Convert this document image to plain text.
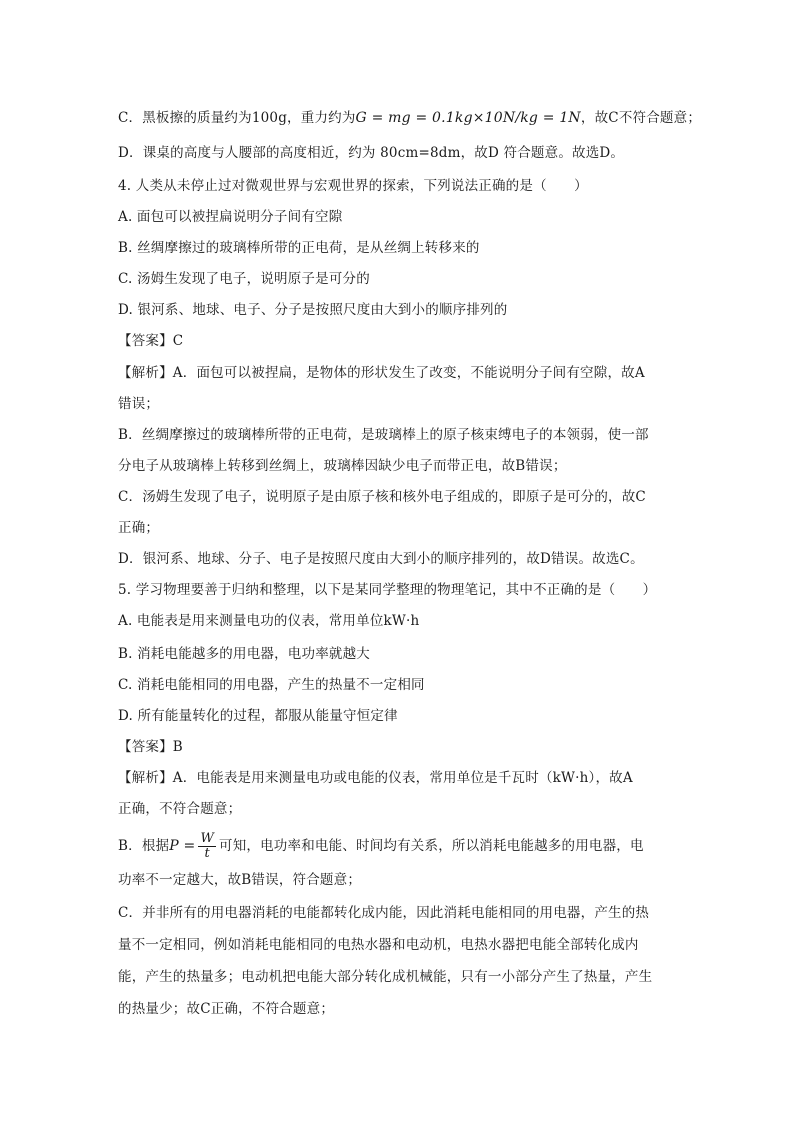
C．黑板擦的质量约为100g，重力约为G = mg = 0.1kg×10N/kg = 1N，故C不符合题意；
D．课桌的高度与人腰部的高度相近，约为 80cm=8dm，故D 符合题意。故选D。
4. 人类从未停止过对微观世界与宏观世界的探索，下列说法正确的是（　　）
A. 面包可以被捏扁说明分子间有空隙
B. 丝绸摩擦过的玻璃棒所带的正电荷，是从丝绸上转移来的
C. 汤姆生发现了电子，说明原子是可分的
D. 银河系、地球、电子、分子是按照尺度由大到小的顺序排列的
【答案】C
【解析】A．面包可以被捏扁，是物体的形状发生了改变，不能说明分子间有空隙，故A
错误；
B．丝绸摩擦过的玻璃棒所带的正电荷，是玻璃棒上的原子核束缚电子的本领弱，使一部
分电子从玻璃棒上转移到丝绸上，玻璃棒因缺少电子而带正电，故B错误；
C．汤姆生发现了电子，说明原子是由原子核和核外电子组成的，即原子是可分的，故C
正确；
D．银河系、地球、分子、电子是按照尺度由大到小的顺序排列的，故D错误。故选C。
5. 学习物理要善于归纳和整理，以下是某同学整理的物理笔记，其中不正确的是（　　）
A. 电能表是用来测量电功的仪表，常用单位kW·h
B. 消耗电能越多的用电器，电功率就越大
C. 消耗电能相同的用电器，产生的热量不一定相同
D. 所有能量转化的过程，都服从能量守恒定律
【答案】B
【解析】A．电能表是用来测量电功或电能的仪表，常用单位是千瓦时（kW·h），故A
正确，不符合题意；
B．根据$P = \frac{W}{t}$ 可知，电功率和电能、时间均有关系，所以消耗电能越多的用电器，电
功率不一定越大，故B错误，符合题意；
C．并非所有的用电器消耗的电能都转化成内能，因此消耗电能相同的用电器，产生的热
量不一定相同，例如消耗电能相同的电热水器和电动机，电热水器把电能全部转化成内
能，产生的热量多；电动机把电能大部分转化成机械能，只有一小部分产生了热量，产生
的热量少；故C正确，不符合题意；
